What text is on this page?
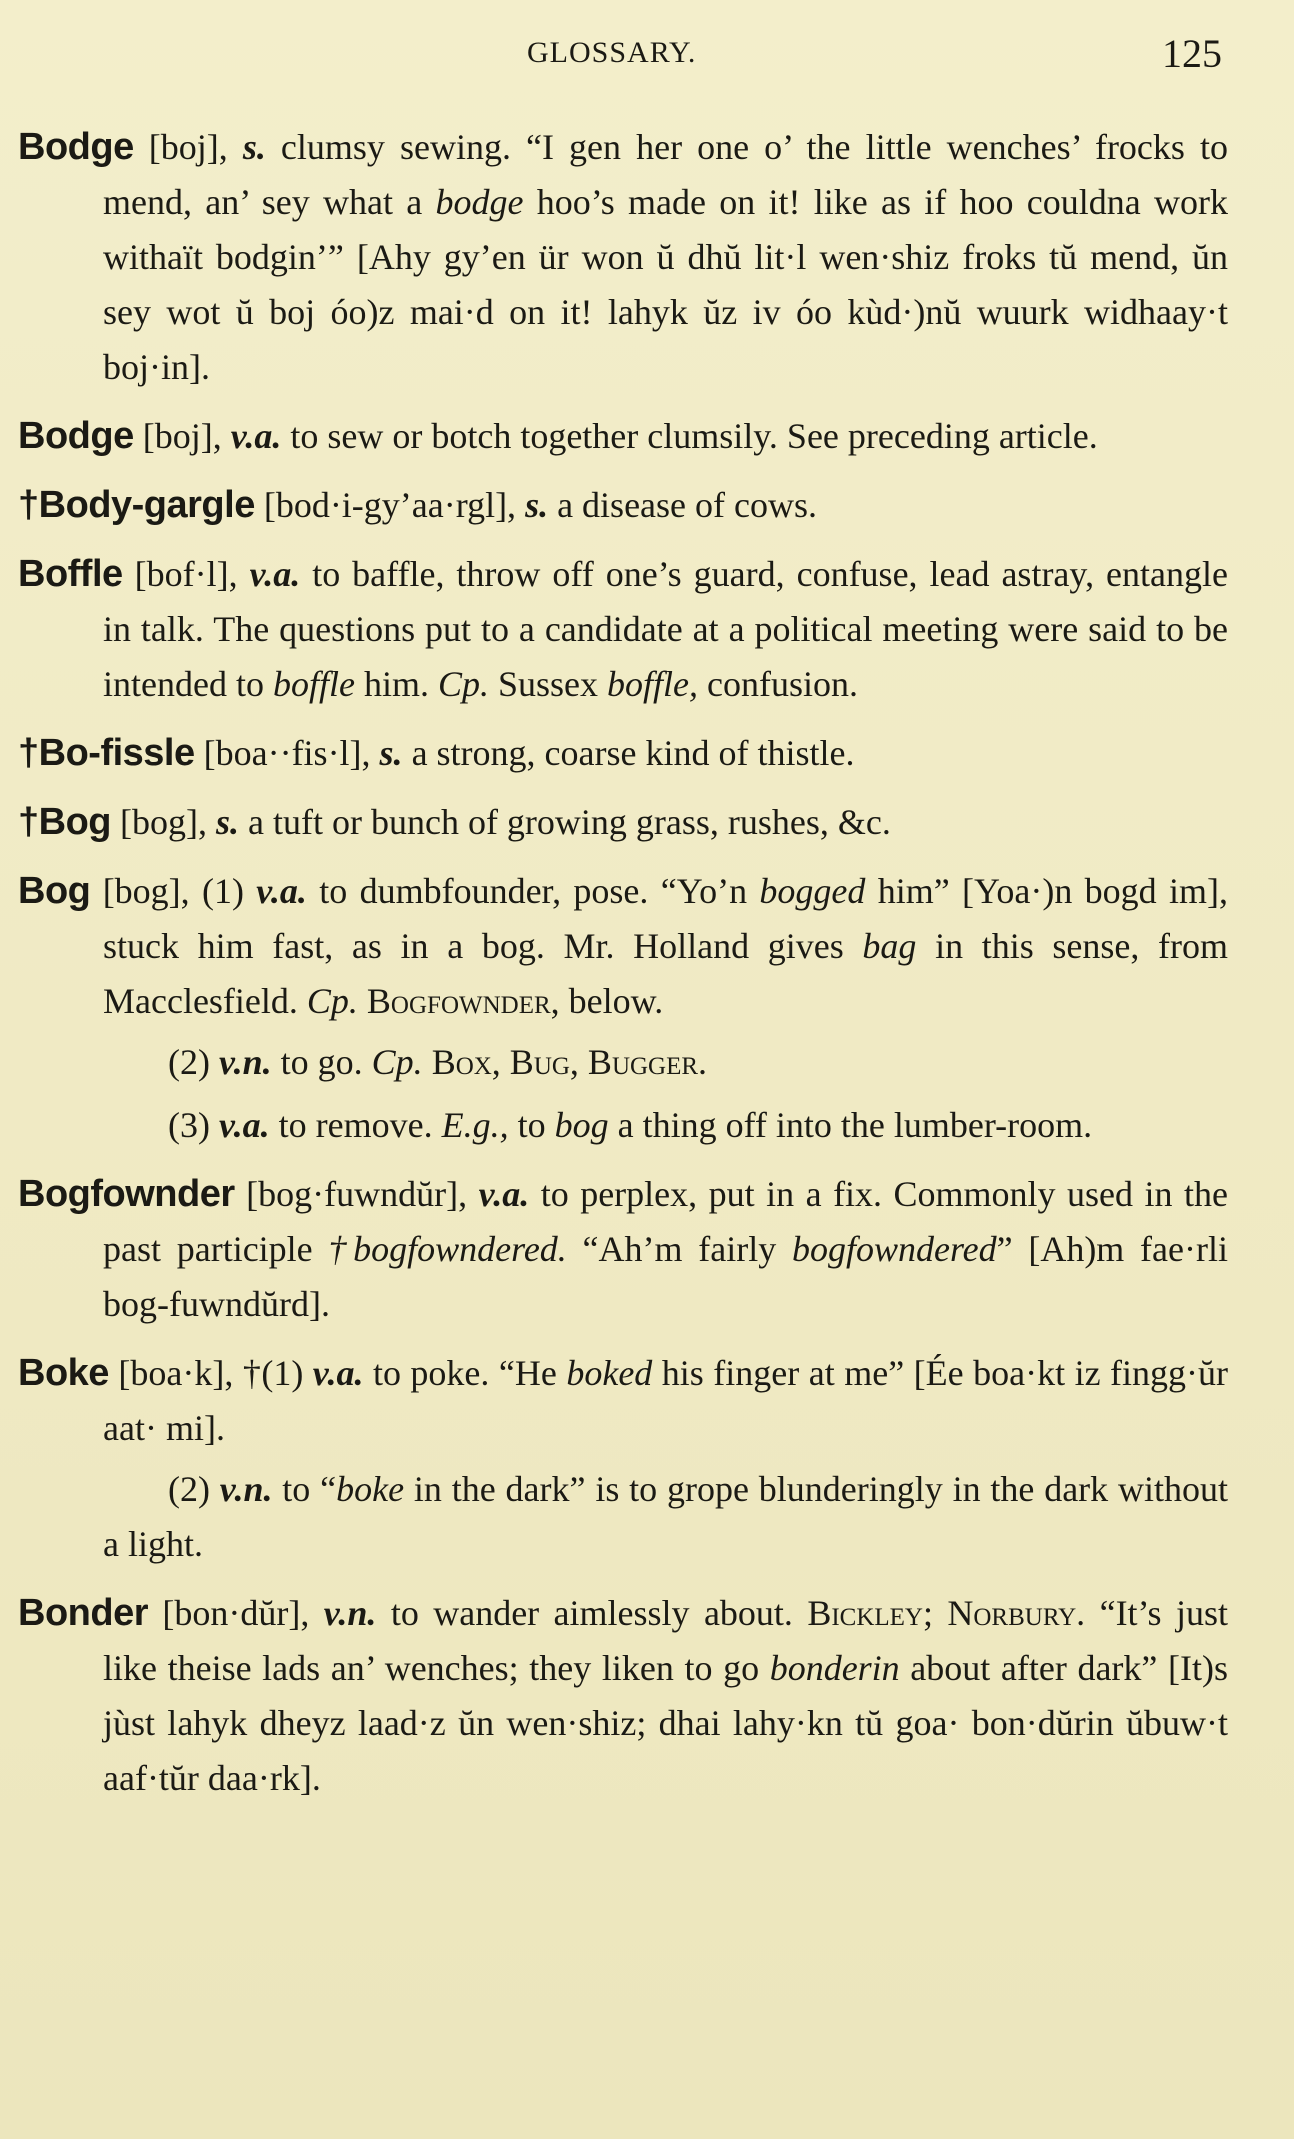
GLOSSARY.	125

Bodge [boj], s. clumsy sewing. “I gen her one o’ the little wenches’ frocks to mend, an’ sey what a bodge hoo’s made on it! like as if hoo couldna work withaït bodgin’” [Ahy gy’en ür won ŭ dhŭ lit·l wen·shiz froks tŭ mend, ŭn sey wot ŭ boj óo)z mai·d on it! lahyk ŭz iv óo kùd·)nŭ wuurk widhaay·t boj·in].

Bodge [boj], v.a. to sew or botch together clumsily. See preceding article.

†Body-gargle [bod·i-gy’aa·rgl], s. a disease of cows.

Boffle [bof·l], v.a. to baffle, throw off one’s guard, confuse, lead astray, entangle in talk. The questions put to a candidate at a political meeting were said to be intended to boffle him. Cp. Sussex boffle, confusion.

†Bo-fissle [boa··fis·l], s. a strong, coarse kind of thistle.

†Bog [bog], s. a tuft or bunch of growing grass, rushes, &c.

Bog [bog], (1) v.a. to dumbfounder, pose. “Yo’n bogged him” [Yoa·)n bogd im], stuck him fast, as in a bog. Mr. Holland gives bag in this sense, from Macclesfield. Cp. Bogfownder, below.

(2) v.n. to go. Cp. Box, Bug, Bugger.

(3) v.a. to remove. E.g., to bog a thing off into the lumber-room.

Bogfownder [bog·fuwndŭr], v.a. to perplex, put in a fix. Commonly used in the past participle †bogfowndered. “Ah’m fairly bogfowndered” [Ah)m fae·rli bog-fuwndŭrd].

Boke [boa·k], †(1) v.a. to poke. “He boked his finger at me” [Ée boa·kt iz fingg·ŭr aat· mi].

(2) v.n. to “boke in the dark” is to grope blunderingly in the dark without a light.

Bonder [bon·dŭr], v.n. to wander aimlessly about. Bickley; Norbury. “It’s just like theise lads an’ wenches; they liken to go bonderin about after dark” [It)s jùst lahyk dheyz laad·z ŭn wen·shiz; dhai lahy·kn tŭ goa· bon·dŭrin ŭbuw·t aaf·tŭr daa·rk].
